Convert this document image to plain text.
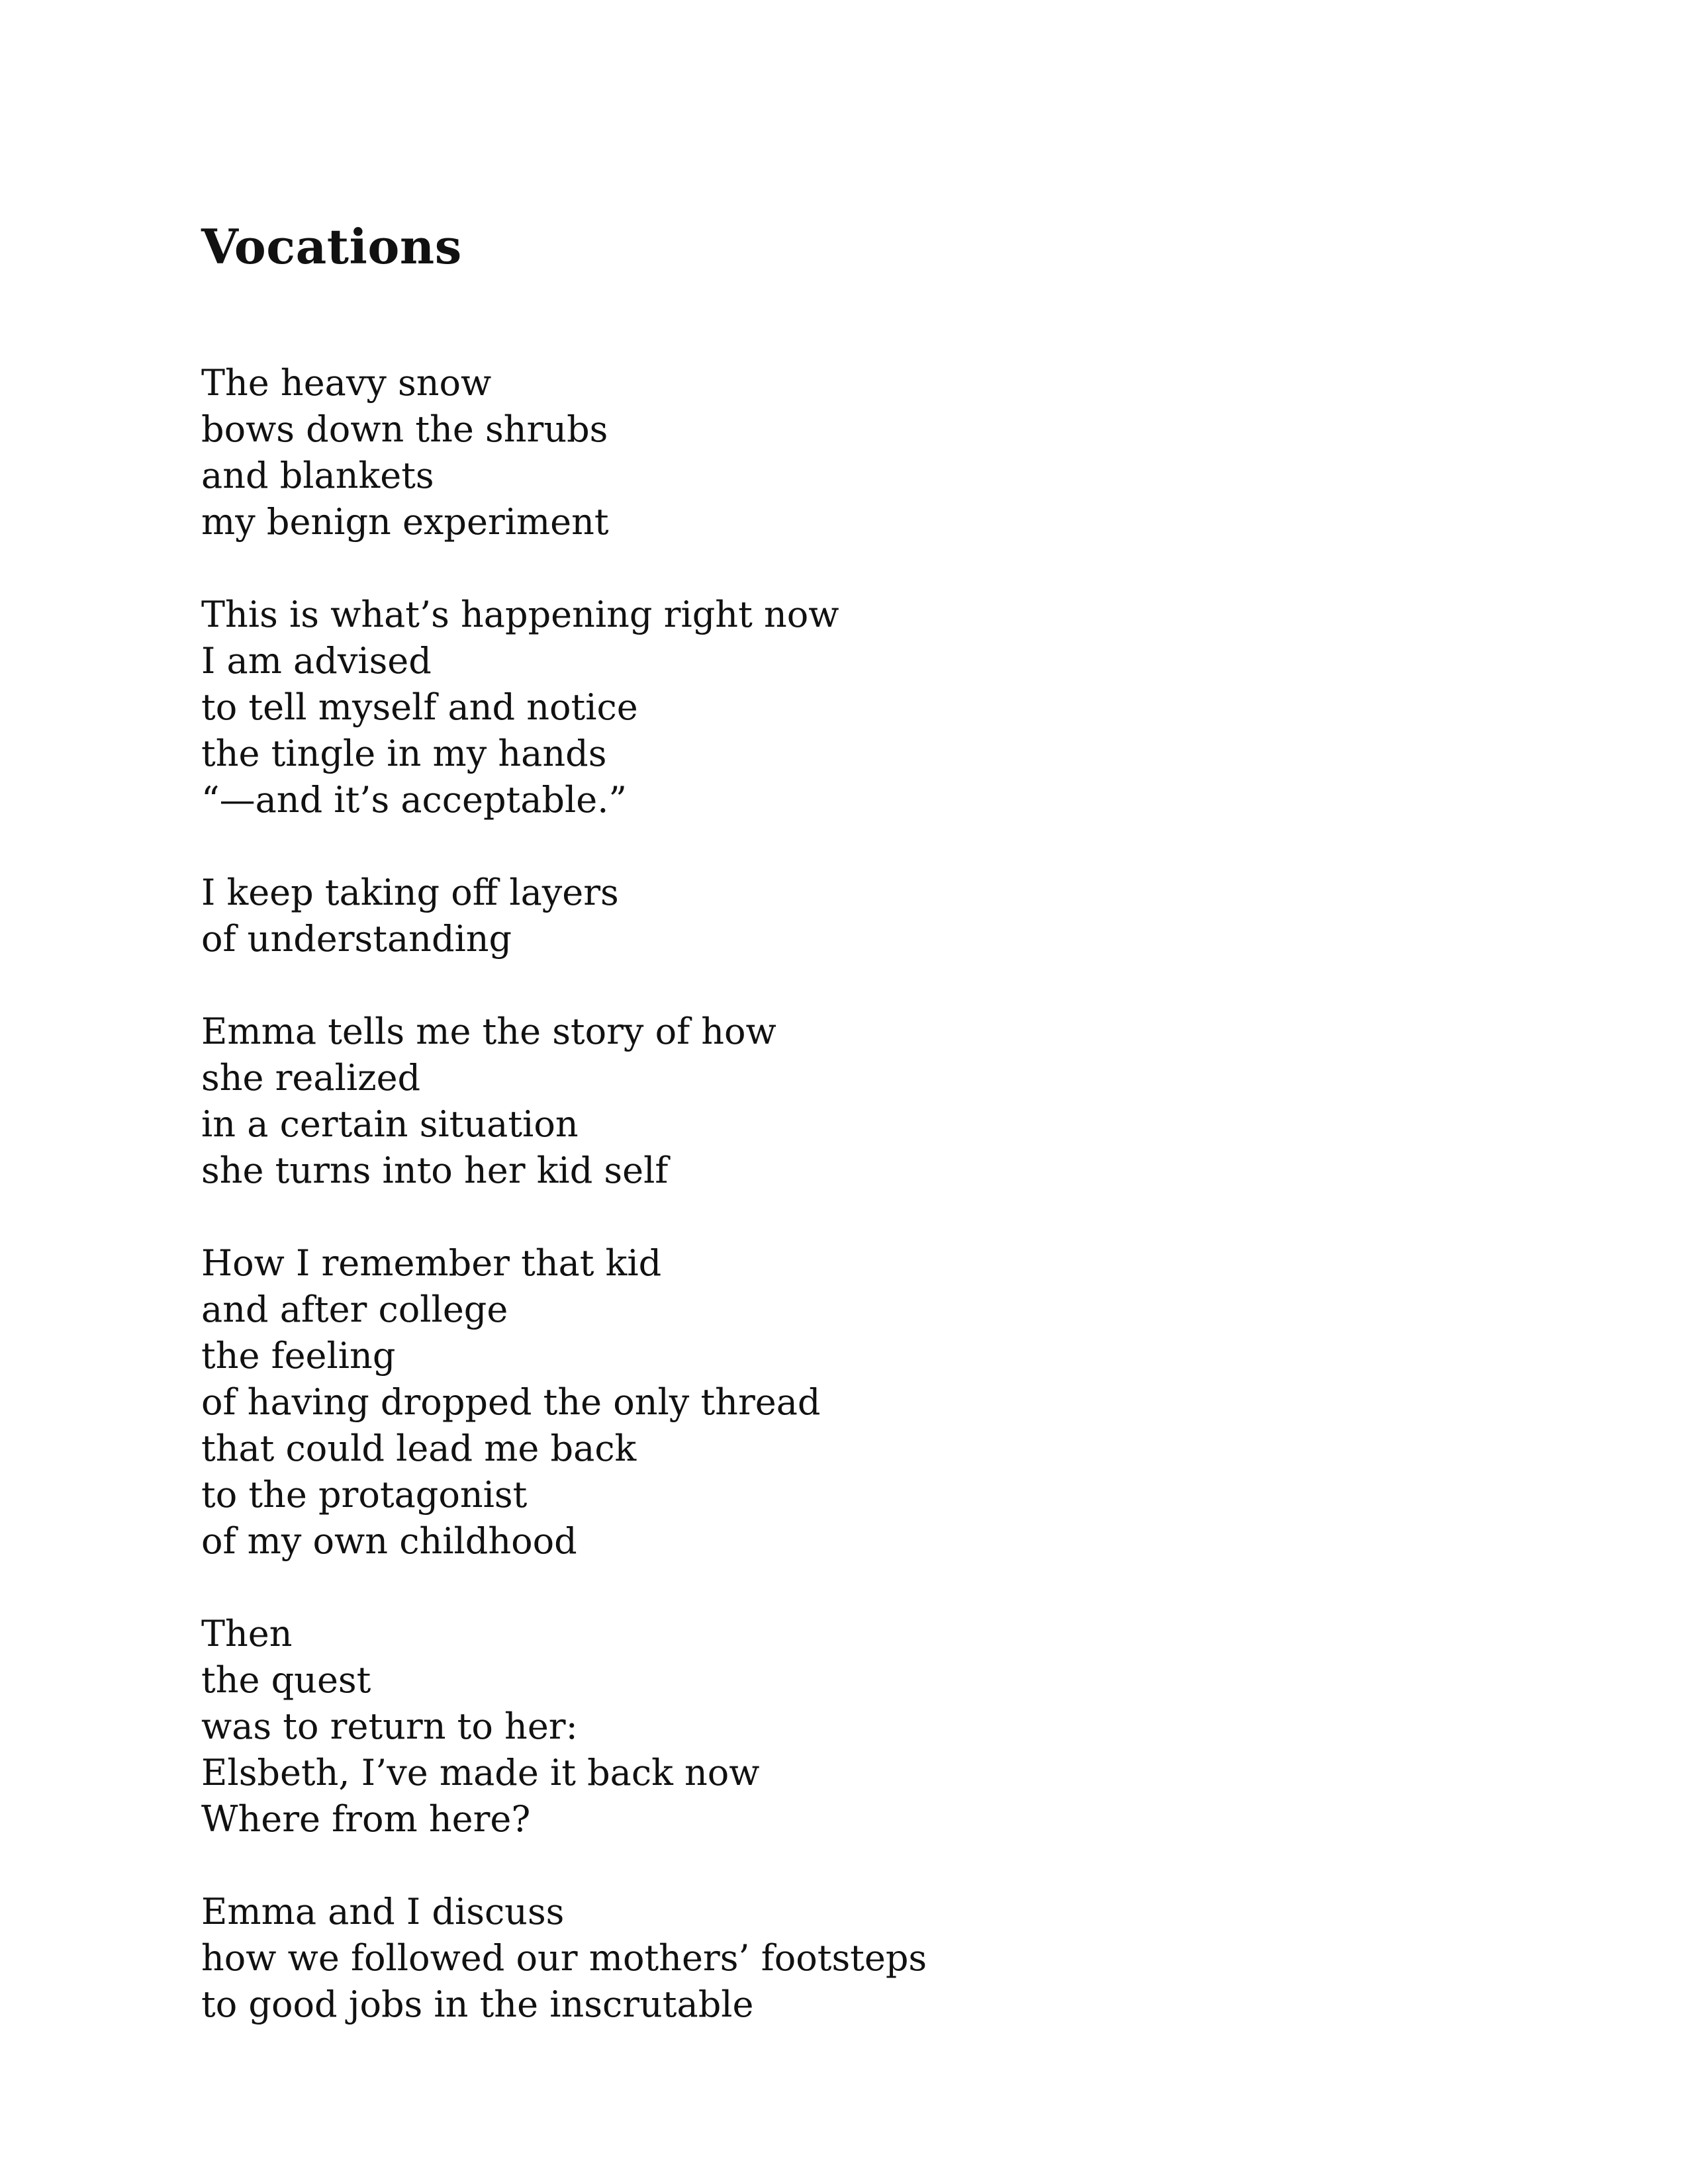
Vocations
The heavy snow
bows down the shrubs
and blankets
my benign experiment
This is what’s happening right now
I am advised
to tell myself and notice
the tingle in my hands
“—and it’s acceptable.”
I keep taking off layers
of understanding
Emma tells me the story of how
she realized
in a certain situation
she turns into her kid self
How I remember that kid
and after college
the feeling
of having dropped the only thread
that could lead me back
to the protagonist
of my own childhood
Then
the quest
was to return to her:
Elsbeth, I’ve made it back now
Where from here?
Emma and I discuss
how we followed our mothers’ footsteps
to good jobs in the inscrutable
